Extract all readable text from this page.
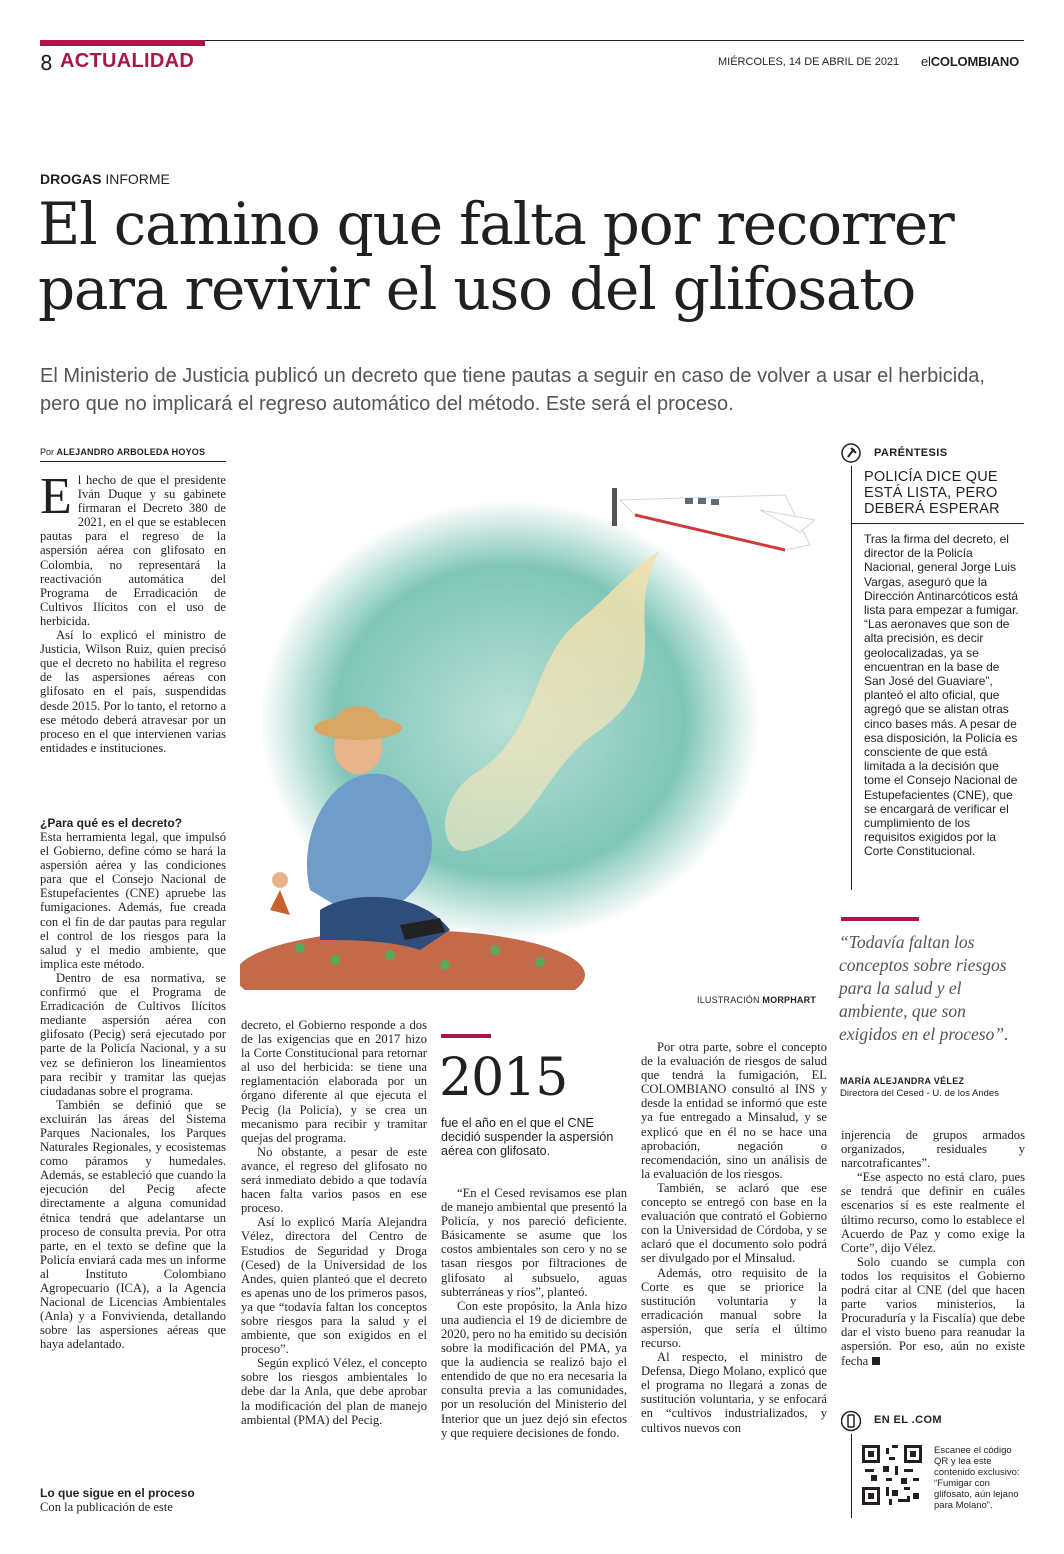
8 ACTUALIDAD	MIÉRCOLES, 14 DE ABRIL DE 2021 elCOLOMBIANO
DROGAS INFORME
El camino que falta por recorrer para revivir el uso del glifosato

El Ministerio de Justicia publicó un decreto que tiene pautas a seguir en caso de volver a usar el herbicida, pero que no implicará el regreso automático del método. Este será el proceso.

Por ALEJANDRO ARBOLEDA HOYOS

El hecho de que el presidente Iván Duque y su gabinete firmaran el Decreto 380 de 2021, en el que se establecen pautas para el regreso de la aspersión aérea con glifosato en Colombia, no representará la reactivación automática del Programa de Erradicación de Cultivos Ilícitos con el uso de herbicida.

Así lo explicó el ministro de Justicia, Wilson Ruiz, quien precisó que el decreto no habilita el regreso de las aspersiones aéreas con glifosato en el país, suspendidas desde 2015. Por lo tanto, el retorno a ese método deberá atravesar por un proceso en el que intervienen varias entidades e instituciones.

¿Para qué es el decreto?

Esta herramienta legal, que impulsó el Gobierno, define cómo se hará la aspersión aérea y las condiciones para que el Consejo Nacional de Estupefacientes (CNE) apruebe las fumigaciones. Además, fue creada con el fin de dar pautas para regular el control de los riesgos para la salud y el medio ambiente, que implica este método.

Dentro de esa normativa, se confirmó que el Programa de Erradicación de Cultivos Ilícitos mediante aspersión aérea con glifosato (Pecig) será ejecutado por parte de la Policía Nacional, y a su vez se definieron los lineamientos para recibir y tramitar las quejas ciudadanas sobre el programa.

También se definió que se excluirán las áreas del Sistema Parques Nacionales, los Parques Naturales Regionales, y ecosistemas como páramos y humedales. Además, se estableció que cuando la ejecución del Pecig afecte directamente a alguna comunidad étnica tendrá que adelantarse un proceso de consulta previa. Por otra parte, en el texto se define que la Policía enviará cada mes un informe al Instituto Colombiano Agropecuario (ICA), a la Agencia Nacional de Licencias Ambientales (Anla) y a Fonvivienda, detallando sobre las aspersiones aéreas que haya adelantado.

Lo que sigue en el proceso

Con la publicación de este

ILUSTRACIÓN MORPHART

decreto, el Gobierno responde a dos de las exigencias que en 2017 hizo la Corte Constitucional para retornar al uso del herbicida: se tiene una reglamentación elaborada por un órgano diferente al que ejecuta el Pecig (la Policía), y se crea un mecanismo para recibir y tramitar quejas del programa.

No obstante, a pesar de este avance, el regreso del glifosato no será inmediato debido a que todavía hacen falta varios pasos en ese proceso.

Así lo explicó María Alejandra Vélez, directora del Centro de Estudios de Seguridad y Droga (Cesed) de la Universidad de los Andes, quien planteó que el decreto es apenas uno de los primeros pasos, ya que “todavía faltan los conceptos sobre riesgos para la salud y el ambiente, que son exigidos en el proceso”.

Según explicó Vélez, el concepto sobre los riesgos ambientales lo debe dar la Anla, que debe aprobar la modificación del plan de manejo ambiental (PMA) del Pecig.

2015
fue el año en el que el CNE decidió suspender la aspersión aérea con glifosato.

“En el Cesed revisamos ese plan de manejo ambiental que presentó la Policía, y nos pareció deficiente. Básicamente se asume que los costos ambientales son cero y no se tasan riesgos por filtraciones de glifosato al subsuelo, aguas subterráneas y ríos”, planteó.

Con este propósito, la Anla hizo una audiencia el 19 de diciembre de 2020, pero no ha emitido su decisión sobre la modificación del PMA, ya que la audiencia se realizó bajo el entendido de que no era necesaria la consulta previa a las comunidades, por un resolución del Ministerio del Interior que un juez dejó sin efectos y que requiere decisiones de fondo.

Por otra parte, sobre el concepto de la evaluación de riesgos de salud que tendrá la fumigación, EL COLOMBIANO consultó al INS y desde la entidad se informó que este ya fue entregado a Minsalud, y se explicó que en él no se hace una aprobación, negación o recomendación, sino un análisis de la evaluación de los riesgos.

También, se aclaró que ese concepto se entregó con base en la evaluación que contrató el Gobierno con la Universidad de Córdoba, y se aclaró que el documento solo podrá ser divulgado por el Minsalud.

Además, otro requisito de la Corte es que se priorice la sustitución voluntaria y la erradicación manual sobre la aspersión, que sería el último recurso.

Al respecto, el ministro de Defensa, Diego Molano, explicó que el programa no llegará a zonas de sustitución voluntaria, y se enfocará en “cultivos industrializados, y cultivos nuevos con

PARÉNTESIS
POLICÍA DICE QUE ESTÁ LISTA, PERO DEBERÁ ESPERAR
Tras la firma del decreto, el director de la Policía Nacional, general Jorge Luis Vargas, aseguró que la Dirección Antinarcóticos está lista para empezar a fumigar. “Las aeronaves que son de alta precisión, es decir geolocalizadas, ya se encuentran en la base de San José del Guaviare”, planteó el alto oficial, que agregó que se alistan otras cinco bases más. A pesar de esa disposición, la Policía es consciente de que está limitada a la decisión que tome el Consejo Nacional de Estupefacientes (CNE), que se encargará de verificar el cumplimiento de los requisitos exigidos por la Corte Constitucional.
“Todavía faltan los conceptos sobre riesgos para la salud y el ambiente, que son exigidos en el proceso”.
MARÍA ALEJANDRA VÉLEZ
Directora del Cesed - U. de los Andes

injerencia de grupos armados organizados, residuales y narcotraficantes”.

“Ese aspecto no está claro, pues se tendrá que definir en cuáles escenarios sí es este realmente el último recurso, como lo establece el Acuerdo de Paz y como exige la Corte”, dijo Vélez.

Solo cuando se cumpla con todos los requisitos el Gobierno podrá citar al CNE (del que hacen parte varios ministerios, la Procuraduría y la Fiscalía) que debe dar el visto bueno para reanudar la aspersión. Por eso, aún no existe fecha

EN EL .COM
Escanee el código QR y lea este contenido exclusivo: “Fumigar con glifosato, aún lejano para Molano”.
